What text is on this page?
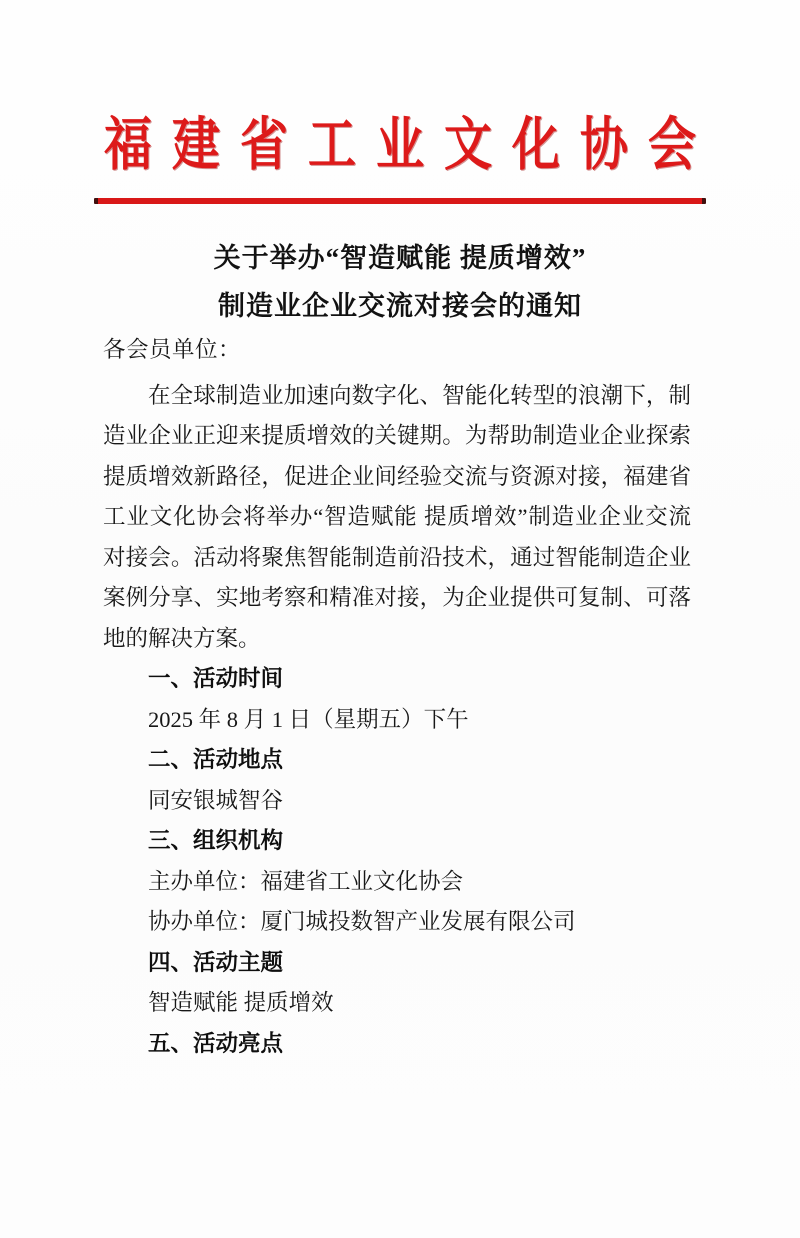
福建省工业文化协会
关于举办“智造赋能 提质增效”
制造业企业交流对接会的通知
各会员单位：

在全球制造业加速向数字化、智能化转型的浪潮下，制造业企业正迎来提质增效的关键期。为帮助制造业企业探索提质增效新路径，促进企业间经验交流与资源对接，福建省工业文化协会将举办“智造赋能 提质增效”制造业企业交流对接会。活动将聚焦智能制造前沿技术，通过智能制造企业案例分享、实地考察和精准对接，为企业提供可复制、可落地的解决方案。

一、活动时间
2025 年 8 月 1 日（星期五）下午
二、活动地点
同安银城智谷
三、组织机构
主办单位：福建省工业文化协会
协办单位：厦门城投数智产业发展有限公司
四、活动主题
智造赋能 提质增效
五、活动亮点
